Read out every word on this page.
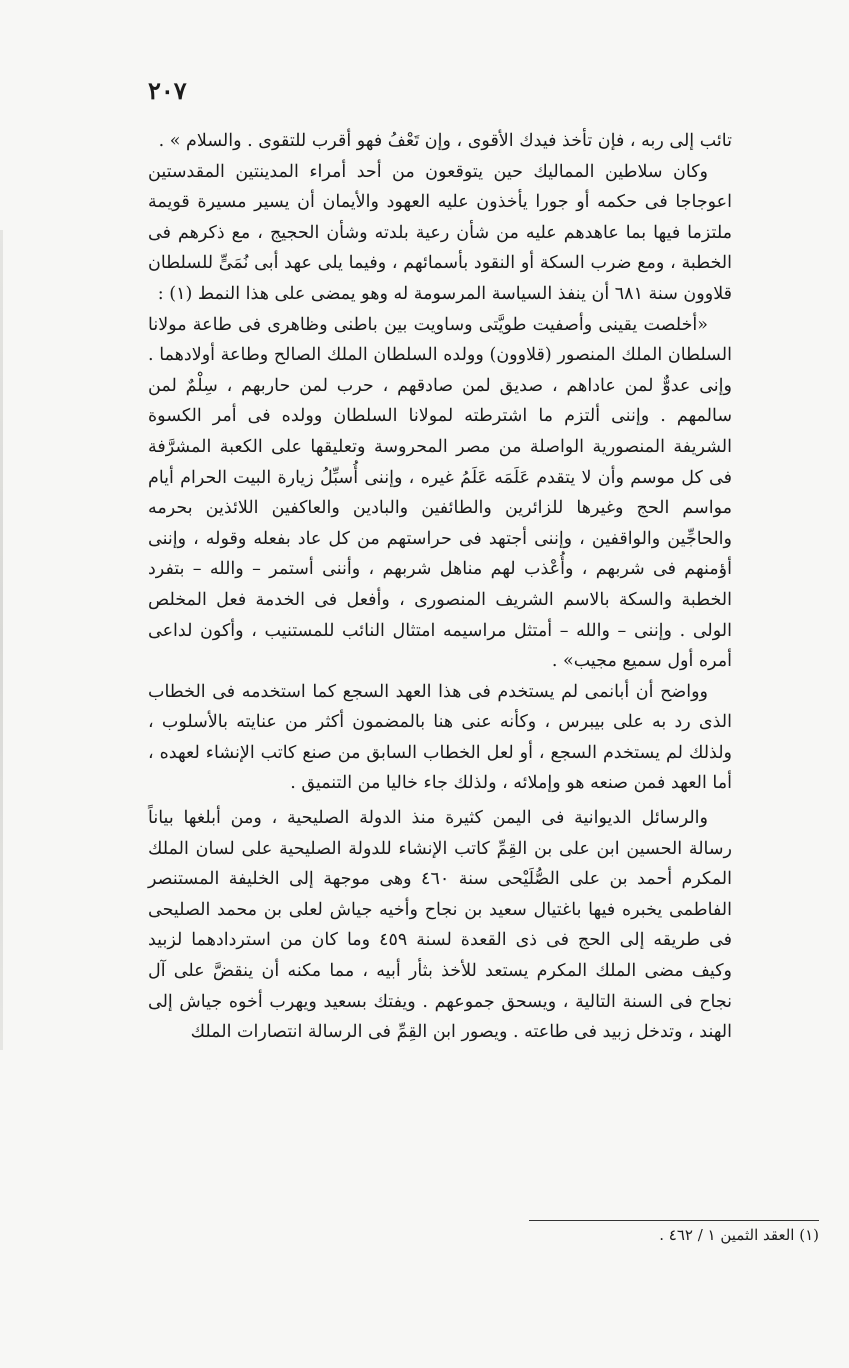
٢٠٧

تائب إلى ربه ، فإن تأخذ فيدك الأقوى ، وإن تَعْفُ فهو أقرب للتقوى . والسلام » .

وكان سلاطين المماليك حين يتوقعون من أحد أمراء المدينتين المقدستين اعوجاجا فى حكمه أو جورا يأخذون عليه العهود والأيمان أن يسير مسيرة قويمة ملتزما فيها بما عاهدهم عليه من شأن رعية بلدته وشأن الحجيج ، مع ذكرهم فى الخطبة ، ومع ضرب السكة أو النقود بأسمائهم ، وفيما يلى عهد أبى نُمَىٍّ للسلطان قلاوون سنة ٦٨١ أن ينفذ السياسة المرسومة له وهو يمضى على هذا النمط (١) :

«أخلصت يقينى وأصفيت طويَّتى وساويت بين باطنى وظاهرى فى طاعة مولانا السلطان الملك المنصور (قلاوون) وولده السلطان الملك الصالح وطاعة أولادهما . وإنى عدوٌّ لمن عاداهم ، صديق لمن صادقهم ، حرب لمن حاربهم ، سِلْمٌ لمن سالمهم . وإننى ألتزم ما اشترطته لمولانا السلطان وولده فى أمر الكسوة الشريفة المنصورية الواصلة من مصر المحروسة وتعليقها على الكعبة المشرَّفة فى كل موسم وأن لا يتقدم عَلَمَه عَلَمُ غيره ، وإننى أُسبِّلُ زيارة البيت الحرام أيام مواسم الحج وغيرها للزائرين والطائفين والبادين والعاكفين اللائذين بحرمه والحاجِّين والواقفين ، وإننى أجتهد فى حراستهم من كل عاد بفعله وقوله ، وإننى أؤمنهم فى شربهم ، وأُعْذب لهم مناهل شربهم ، وأننى أستمر – والله – بتفرد الخطبة والسكة بالاسم الشريف المنصورى ، وأفعل فى الخدمة فعل المخلص الولى . وإننى – والله – أمتثل مراسيمه امتثال النائب للمستنيب ، وأكون لداعى أمره أول سميع مجيب» .

وواضح أن أبانمى لم يستخدم فى هذا العهد السجع كما استخدمه فى الخطاب الذى رد به على بيبرس ، وكأنه عنى هنا بالمضمون أكثر من عنايته بالأسلوب ، ولذلك لم يستخدم السجع ، أو لعل الخطاب السابق من صنع كاتب الإنشاء لعهده ، أما العهد فمن صنعه هو وإملائه ، ولذلك جاء خاليا من التنميق .

والرسائل الديوانية فى اليمن كثيرة منذ الدولة الصليحية ، ومن أبلغها بياناً رسالة الحسين ابن على بن القِمِّ كاتب الإنشاء للدولة الصليحية على لسان الملك المكرم أحمد بن على الصُّلَيْحى سنة ٤٦٠ وهى موجهة إلى الخليفة المستنصر الفاطمى يخبره فيها باغتيال سعيد بن نجاح وأخيه جياش لعلى بن محمد الصليحى فى طريقه إلى الحج فى ذى القعدة لسنة ٤٥٩ وما كان من استردادهما لزبيد وكيف مضى الملك المكرم يستعد للأخذ بثأر أبيه ، مما مكنه أن ينقضَّ على آل نجاح فى السنة التالية ، ويسحق جموعهم . ويفتك بسعيد ويهرب أخوه جياش إلى الهند ، وتدخل زبيد فى طاعته . ويصور ابن القِمِّ فى الرسالة انتصارات الملك

(١) العقد الثمين ١ / ٤٦٢ .
